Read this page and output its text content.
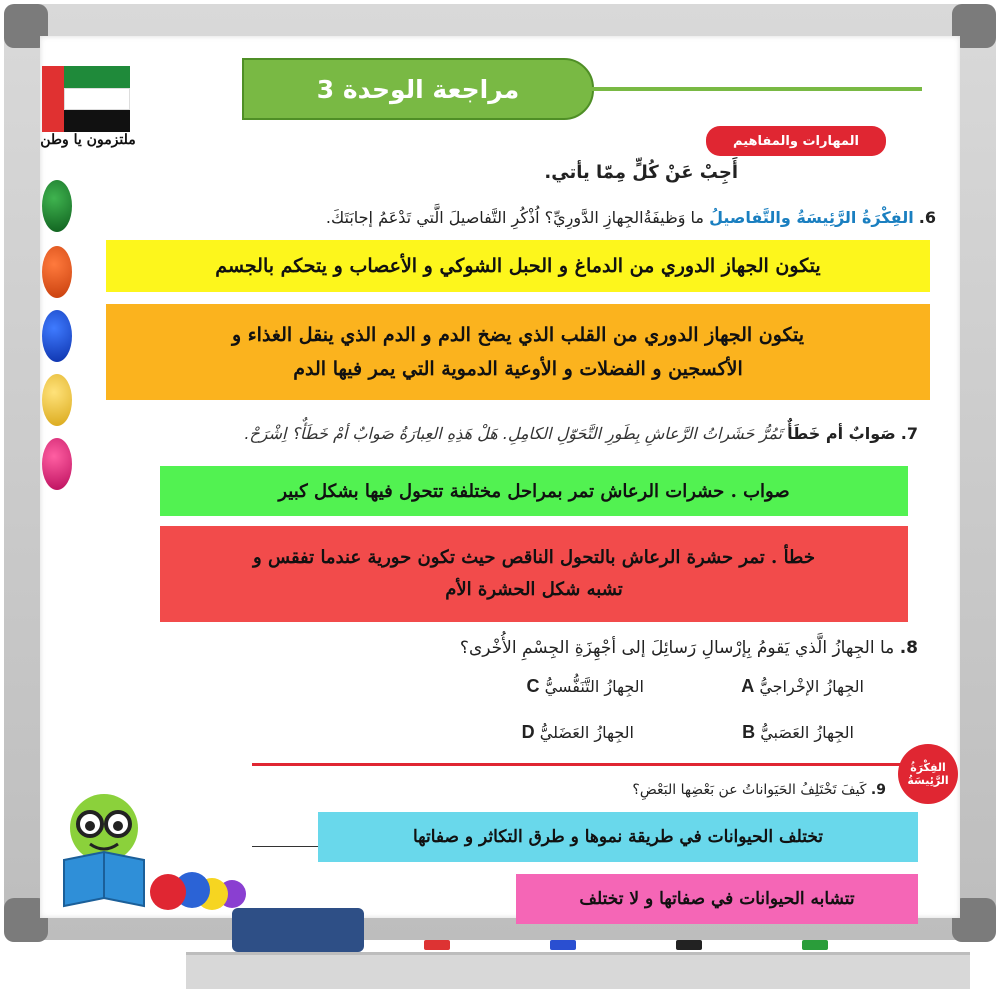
ملتزمون يا وطن
مراجعة الوحدة 3
المهارات والمفاهيم
أَجِبْ عَنْ كُلٍّ مِمّا يأتي.
6. الفِكْرَةُ الرَّئِيسَةُ والتَّفاصيلُ ما وَظيفَةُالجِهازِ الدَّورِيِّ؟ اُذْكُرِ التَّفاصيلَ الَّتي تَدْعَمُ إجابَتَكَ.
يتكون الجهاز الدوري من الدماغ و الحبل الشوكي و الأعصاب و يتحكم بالجسم
يتكون الجهاز الدوري من القلب الذي يضخ الدم و الدم الذي ينقل الغذاء و
الأكسجين و الفضلات و الأوعية الدموية التي يمر فيها الدم
7. صَوابٌ أم خَطَأٌ تَمُرُّ حَشَراتُ الرَّعاشِ بِطَورِ التَّحَوّلِ الكامِلِ. هَلْ هَذِهِ العِبارَةُ صَوابٌ أمْ خَطَأٌ؟ اِشْرَحْ.
صواب . حشرات الرعاش تمر بمراحل مختلفة تتحول فيها بشكل كبير
خطأ . تمر حشرة الرعاش بالتحول الناقص حيث تكون حورية عندما تفقس و
تشبه شكل الحشرة الأم
8. ما الجِهازُ الَّذي يَقومُ بِإرْسالِ رَسائِلَ إلى أجْهِزَةِ الجِسْمِ الأُخْرى؟
A الجِهازُ الإخْراجيُّ
C الجِهازُ التَّنَفُّسيُّ
B الجِهازُ العَصَبيُّ
D الجِهازُ العَضَليُّ
الفِكْرَةُ الرَّئِيسَةُ
9. كَيفَ تَخْتَلِفُ الحَيَواناتُ عن بَعْضِها البَعْضِ؟
تختلف الحيوانات في طريقة نموها و طرق التكاثر و صفاتها
تتشابه الحيوانات في صفاتها و لا تختلف
